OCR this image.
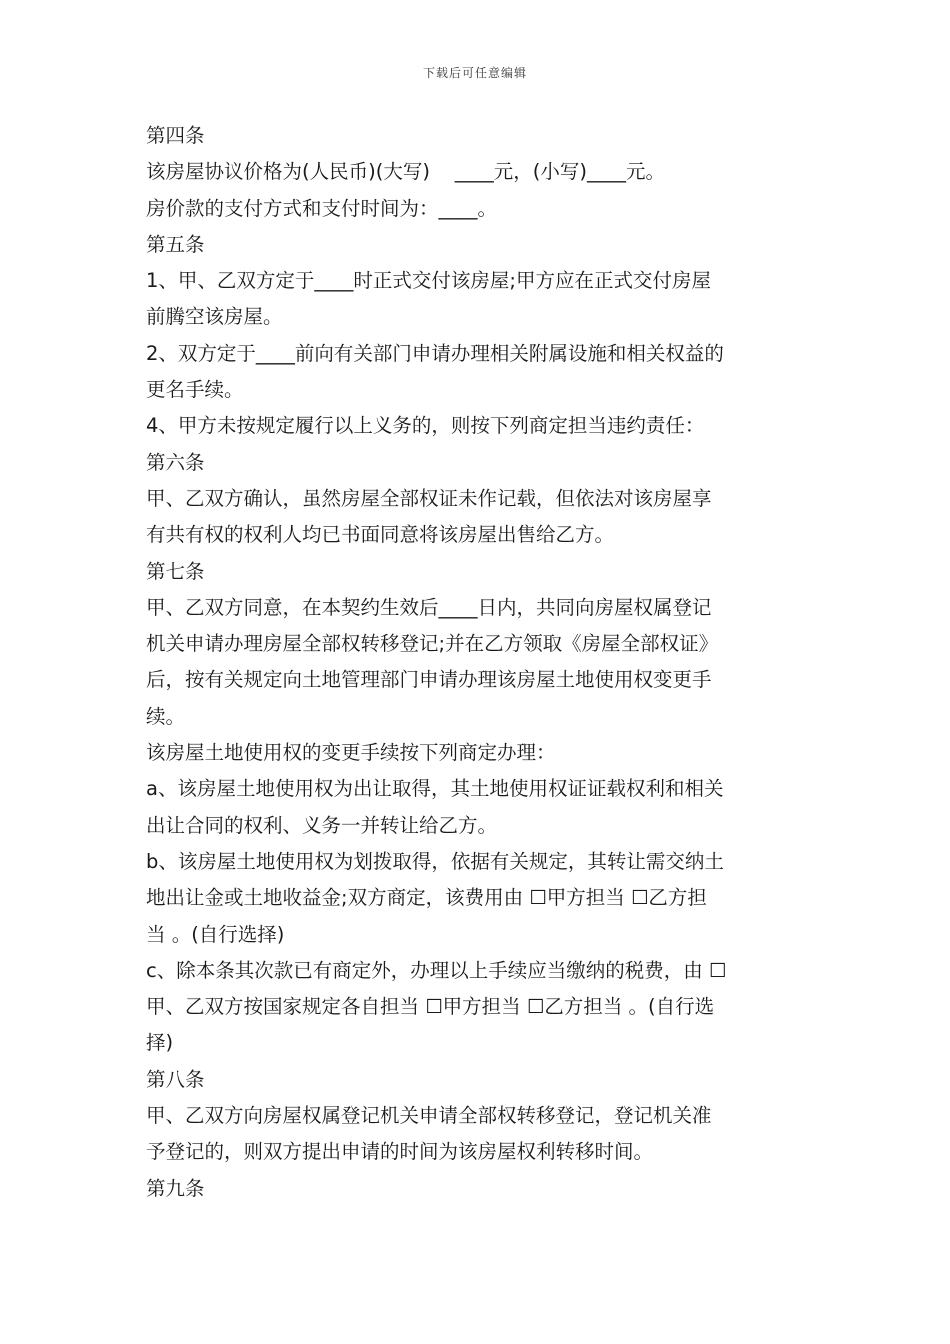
下载后可任意编辑
第四条
该房屋协议价格为(人民币)(大写)    ____元，(小写)____元。
房价款的支付方式和支付时间为：____。
第五条
1、甲、乙双方定于____时正式交付该房屋;甲方应在正式交付房屋
前腾空该房屋。
2、双方定于____前向有关部门申请办理相关附属设施和相关权益的
更名手续。
4、甲方未按规定履行以上义务的，则按下列商定担当违约责任：
第六条
甲、乙双方确认，虽然房屋全部权证未作记载，但依法对该房屋享
有共有权的权利人均已书面同意将该房屋出售给乙方。
第七条
甲、乙双方同意，在本契约生效后____日内，共同向房屋权属登记
机关申请办理房屋全部权转移登记;并在乙方领取《房屋全部权证》
后，按有关规定向土地管理部门申请办理该房屋土地使用权变更手
续。
该房屋土地使用权的变更手续按下列商定办理：
a、该房屋土地使用权为出让取得，其土地使用权证证载权利和相关
出让合同的权利、义务一并转让给乙方。
b、该房屋土地使用权为划拨取得，依据有关规定，其转让需交纳土
地出让金或土地收益金;双方商定，该费用由 ☐甲方担当 ☐乙方担
当 。(自行选择)
c、除本条其次款已有商定外，办理以上手续应当缴纳的税费，由 ☐
甲、乙双方按国家规定各自担当 ☐甲方担当 ☐乙方担当 。(自行选
择)
第八条
甲、乙双方向房屋权属登记机关申请全部权转移登记，登记机关准
予登记的，则双方提出申请的时间为该房屋权利转移时间。
第九条
